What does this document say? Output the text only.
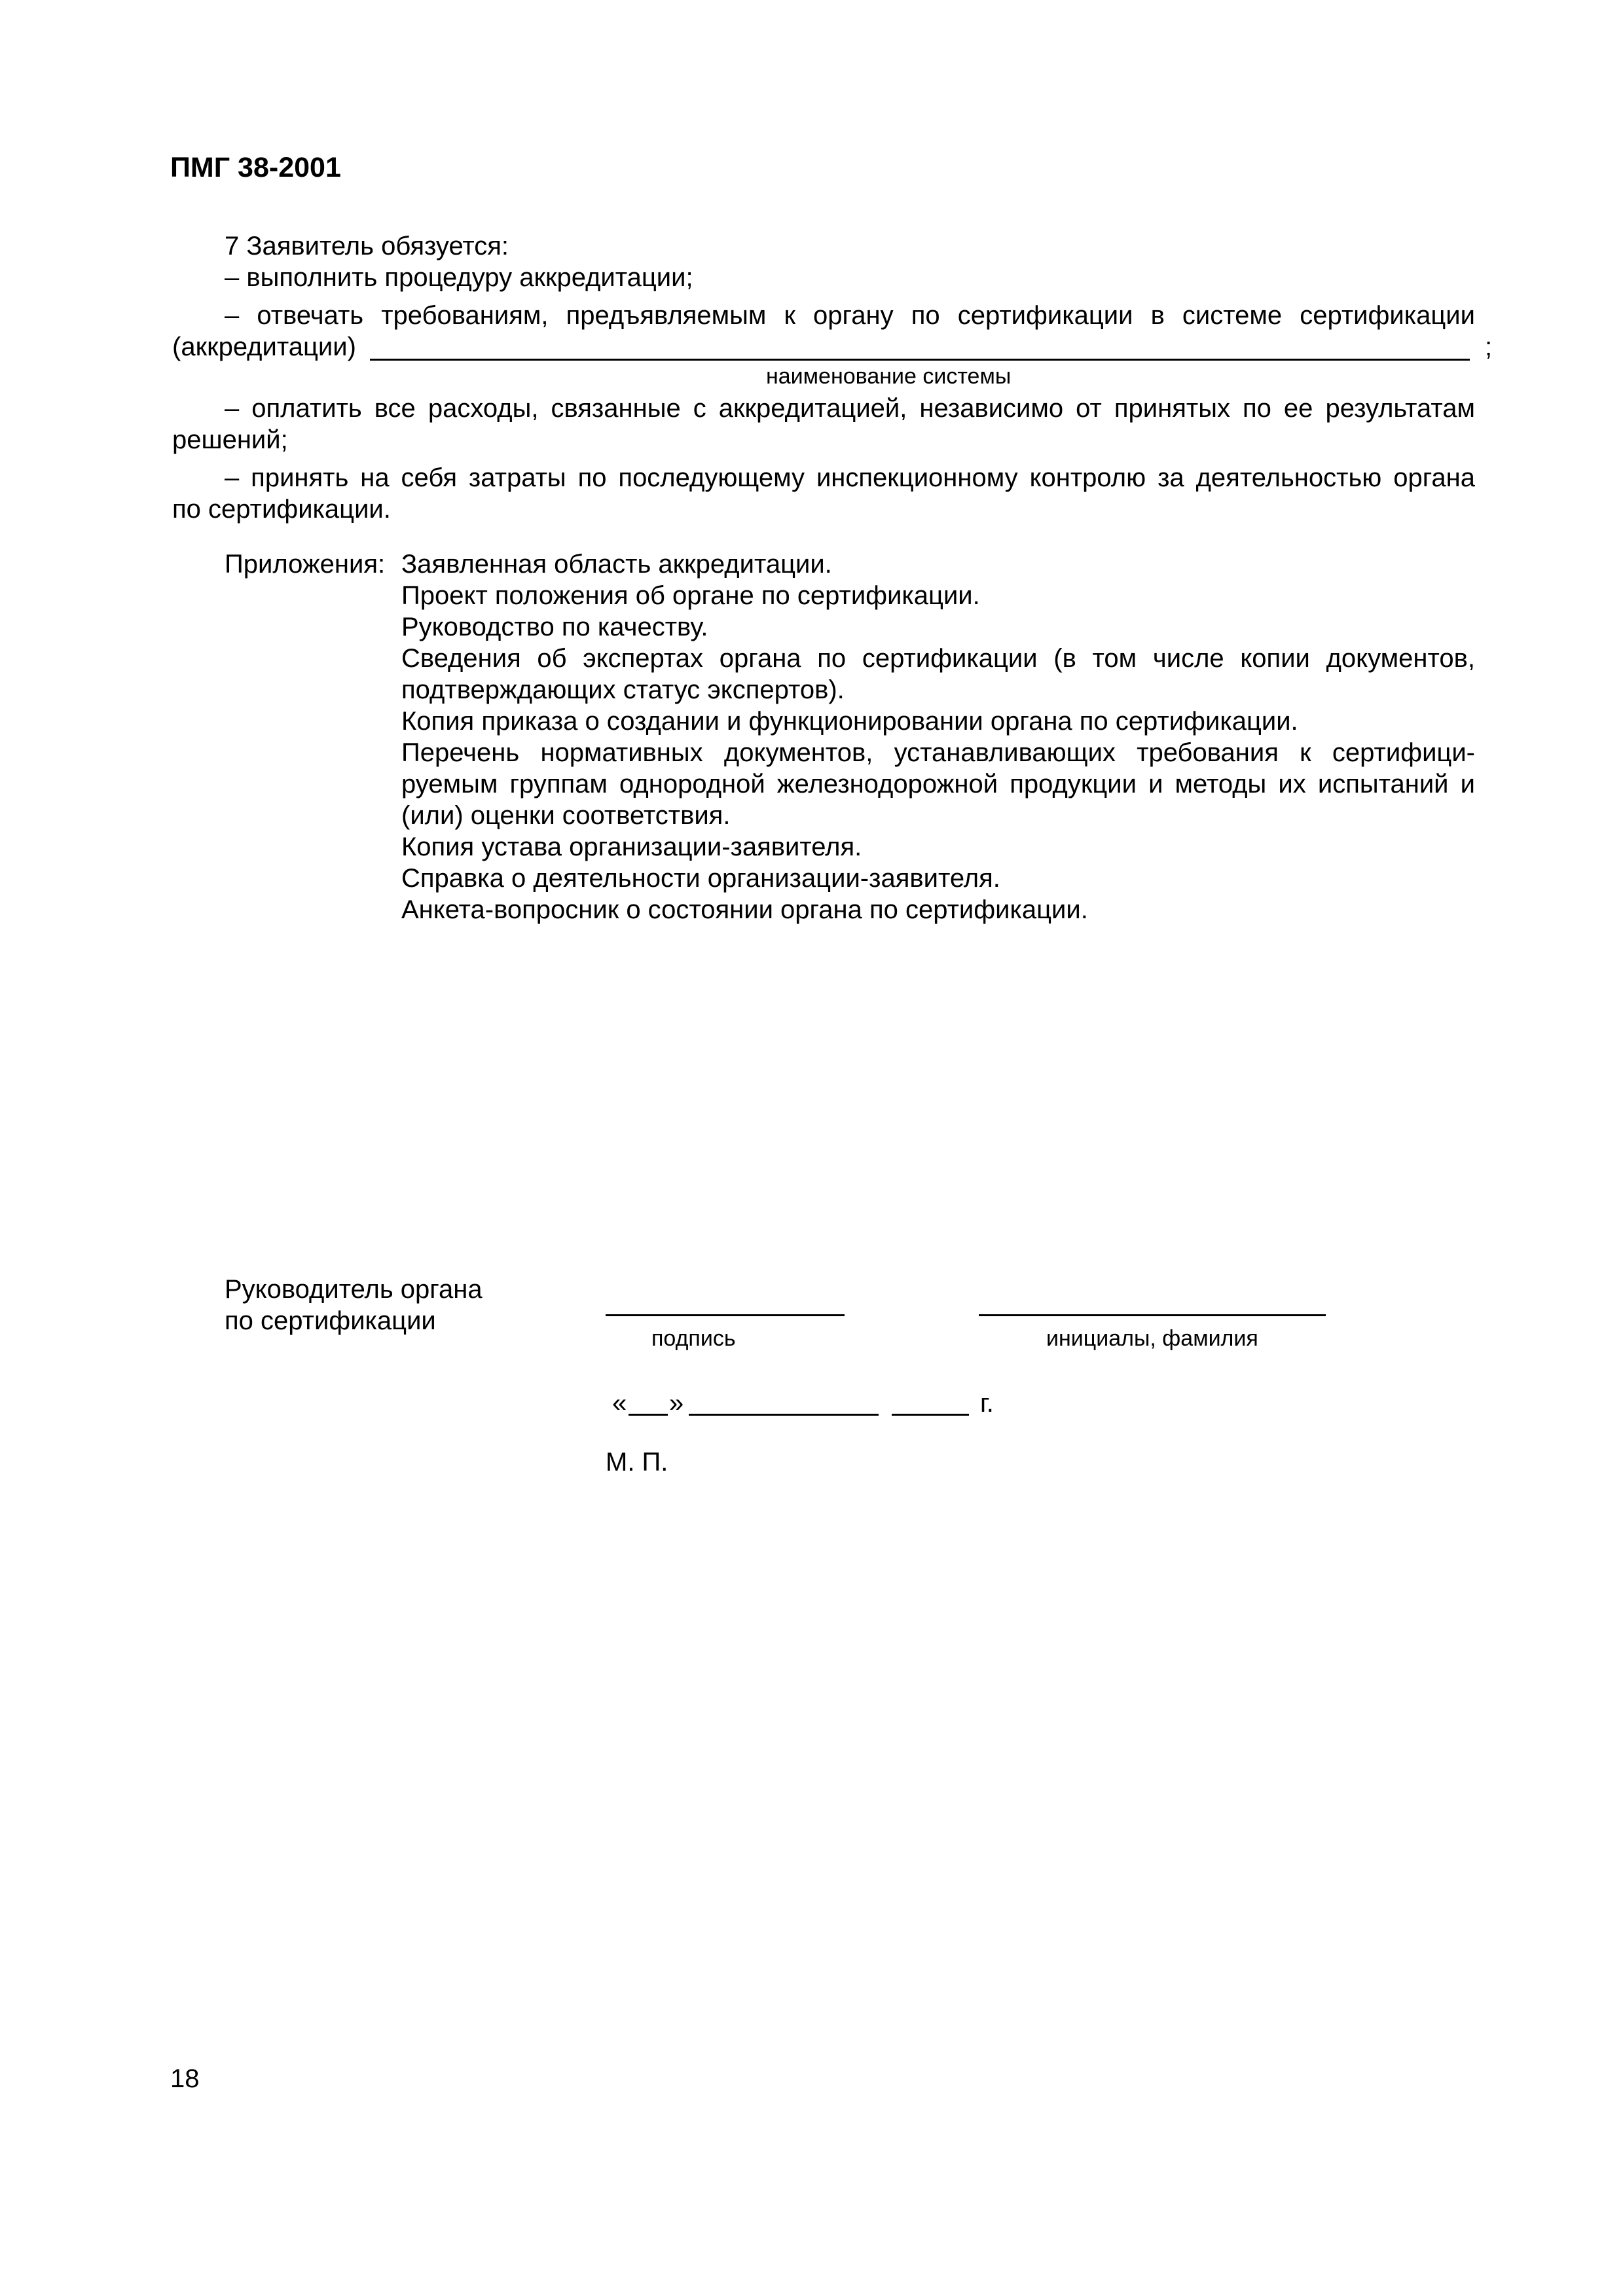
ПМГ 38-2001
7 Заявитель обязуется:
– выполнить процедуру аккредитации;
– отвечать требованиям, предъявляемым к органу по сертификации в системе сертификации
(аккредитации)	;
наименование системы
– оплатить все расходы, связанные с аккредитацией, независимо от принятых по ее результатам
решений;
– принять на себя затраты по последующему инспекционному контролю за деятельностью органа
по сертификации.
Приложения: Заявленная область аккредитации.

Проект положения об органе по сертификации.

Руководство по качеству.

Сведения об экспертах органа по сертификации (в том числе копии документов, подтверждающих статус экспертов).

Копия приказа о создании и функционировании органа по сертификации.

Перечень нормативных документов, устанавливающих требования к сертифици-руемым группам однородной железнодорожной продукции и методы их испытаний и (или) оценки соответствия.

Копия устава организации-заявителя.

Справка о деятельности организации-заявителя.

Анкета-вопросник о состоянии органа по сертификации.

Руководитель органа
по сертификации
подпись	инициалы, фамилия
« »	г.
М. П.
18
